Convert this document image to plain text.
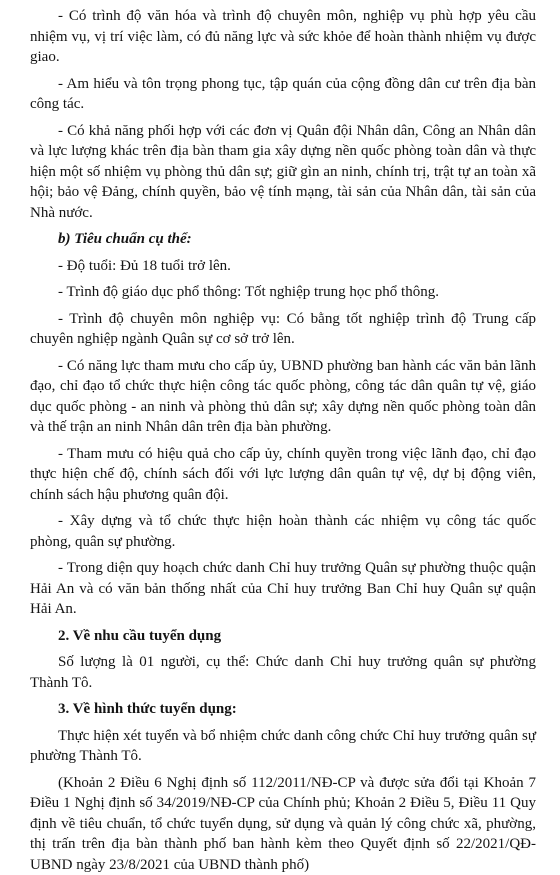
- Có trình độ văn hóa và trình độ chuyên môn, nghiệp vụ phù hợp yêu cầu nhiệm vụ, vị trí việc làm, có đủ năng lực và sức khỏe để hoàn thành nhiệm vụ được giao.

- Am hiểu và tôn trọng phong tục, tập quán của cộng đồng dân cư trên địa bàn công tác.

- Có khả năng phối hợp với các đơn vị Quân đội Nhân dân, Công an Nhân dân và lực lượng khác trên địa bàn tham gia xây dựng nền quốc phòng toàn dân và thực hiện một số nhiệm vụ phòng thủ dân sự; giữ gìn an ninh, chính trị, trật tự an toàn xã hội; bảo vệ Đảng, chính quyền, bảo vệ tính mạng, tài sản của Nhân dân, tài sản của Nhà nước.

b) Tiêu chuẩn cụ thể:

- Độ tuổi: Đủ 18 tuổi trở lên.

- Trình độ giáo dục phổ thông: Tốt nghiệp trung học phổ thông.

- Trình độ chuyên môn nghiệp vụ: Có bằng tốt nghiệp trình độ Trung cấp chuyên nghiệp ngành Quân sự cơ sở trở lên.

- Có năng lực tham mưu cho cấp ủy, UBND phường ban hành các văn bản lãnh đạo, chỉ đạo tổ chức thực hiện công tác quốc phòng, công tác dân quân tự vệ, giáo dục quốc phòng - an ninh và phòng thủ dân sự; xây dựng nền quốc phòng toàn dân và thế trận an ninh Nhân dân trên địa bàn phường.

- Tham mưu có hiệu quả cho cấp ủy, chính quyền trong việc lãnh đạo, chỉ đạo thực hiện chế độ, chính sách đối với lực lượng dân quân tự vệ, dự bị động viên, chính sách hậu phương quân đội.

- Xây dựng và tổ chức thực hiện hoàn thành các nhiệm vụ công tác quốc phòng, quân sự phường.

- Trong diện quy hoạch chức danh Chỉ huy trưởng Quân sự phường thuộc quận Hải An và có văn bản thống nhất của Chỉ huy trưởng Ban Chỉ huy Quân sự quận Hải An.

2. Về nhu cầu tuyển dụng

Số lượng là 01 người, cụ thể: Chức danh Chỉ huy trưởng quân sự phường Thành Tô.

3. Về hình thức tuyển dụng:

Thực hiện xét tuyển và bổ nhiệm chức danh công chức Chỉ huy trưởng quân sự phường Thành Tô.

(Khoản 2 Điều 6 Nghị định số 112/2011/NĐ-CP và được sửa đổi tại Khoản 7 Điều 1 Nghị định số 34/2019/NĐ-CP của Chính phủ; Khoản 2 Điều 5, Điều 11 Quy định về tiêu chuẩn, tổ chức tuyển dụng, sử dụng và quản lý công chức xã, phường, thị trấn trên địa bàn thành phố ban hành kèm theo Quyết định số 22/2021/QĐ-UBND ngày 23/8/2021 của UBND thành phố)
